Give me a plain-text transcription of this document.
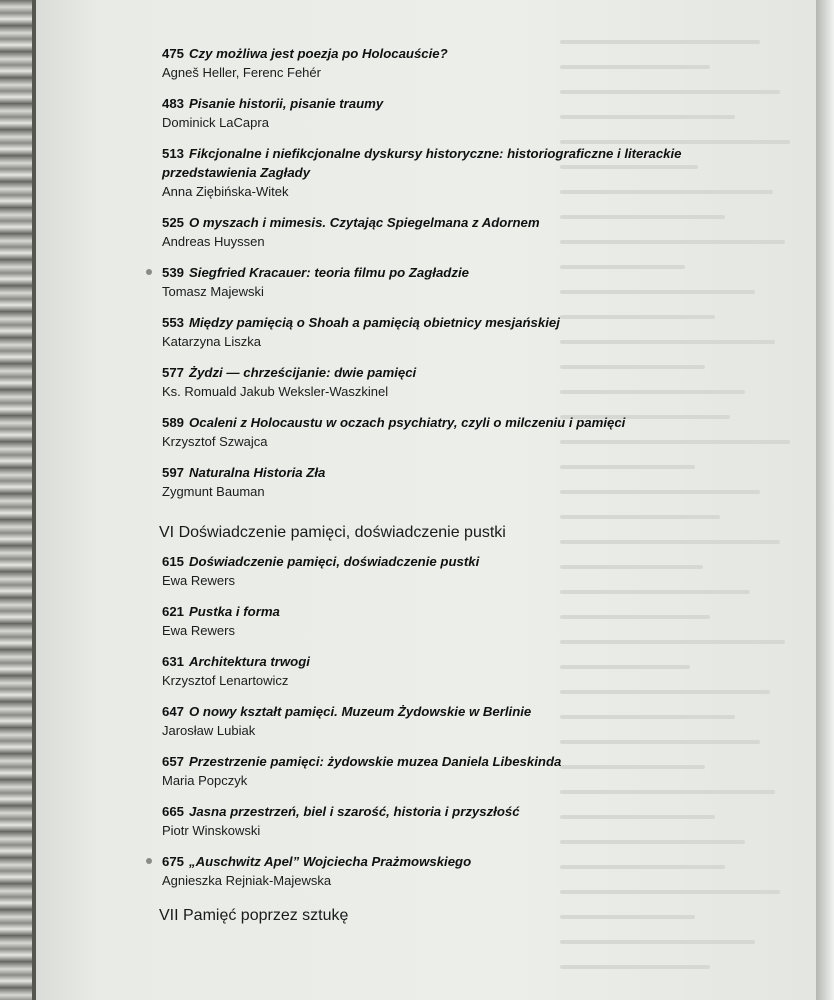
475 Czy możliwa jest poezja po Holocauście?
Agneš Heller, Ferenc Fehér
483 Pisanie historii, pisanie traumy
Dominick LaCapra
513 Fikcjonalne i niefikcjonalne dyskursy historyczne: historiograficzne i literackie przedstawienia Zagłady
Anna Ziębińska-Witek
525 O myszach i mimesis. Czytając Spiegelmana z Adornem
Andreas Huyssen
539 Siegfried Kracauer: teoria filmu po Zagładzie
Tomasz Majewski
553 Między pamięcią o Shoah a pamięcią obietnicy mesjańskiej
Katarzyna Liszka
577 Żydzi — chrześcijanie: dwie pamięci
Ks. Romuald Jakub Weksler-Waszkinel
589 Ocaleni z Holocaustu w oczach psychiatry, czyli o milczeniu i pamięci
Krzysztof Szwajca
597 Naturalna Historia Zła
Zygmunt Bauman
VI Doświadczenie pamięci, doświadczenie pustki
615 Doświadczenie pamięci, doświadczenie pustki
Ewa Rewers
621 Pustka i forma
Ewa Rewers
631 Architektura trwogi
Krzysztof Lenartowicz
647 O nowy kształt pamięci. Muzeum Żydowskie w Berlinie
Jarosław Lubiak
657 Przestrzenie pamięci: żydowskie muzea Daniela Libeskinda
Maria Popczyk
665 Jasna przestrzeń, biel i szarość, historia i przyszłość
Piotr Winskowski
675 „Auschwitz Apel” Wojciecha Prażmowskiego
Agnieszka Rejniak-Majewska
VII Pamięć poprzez sztukę
